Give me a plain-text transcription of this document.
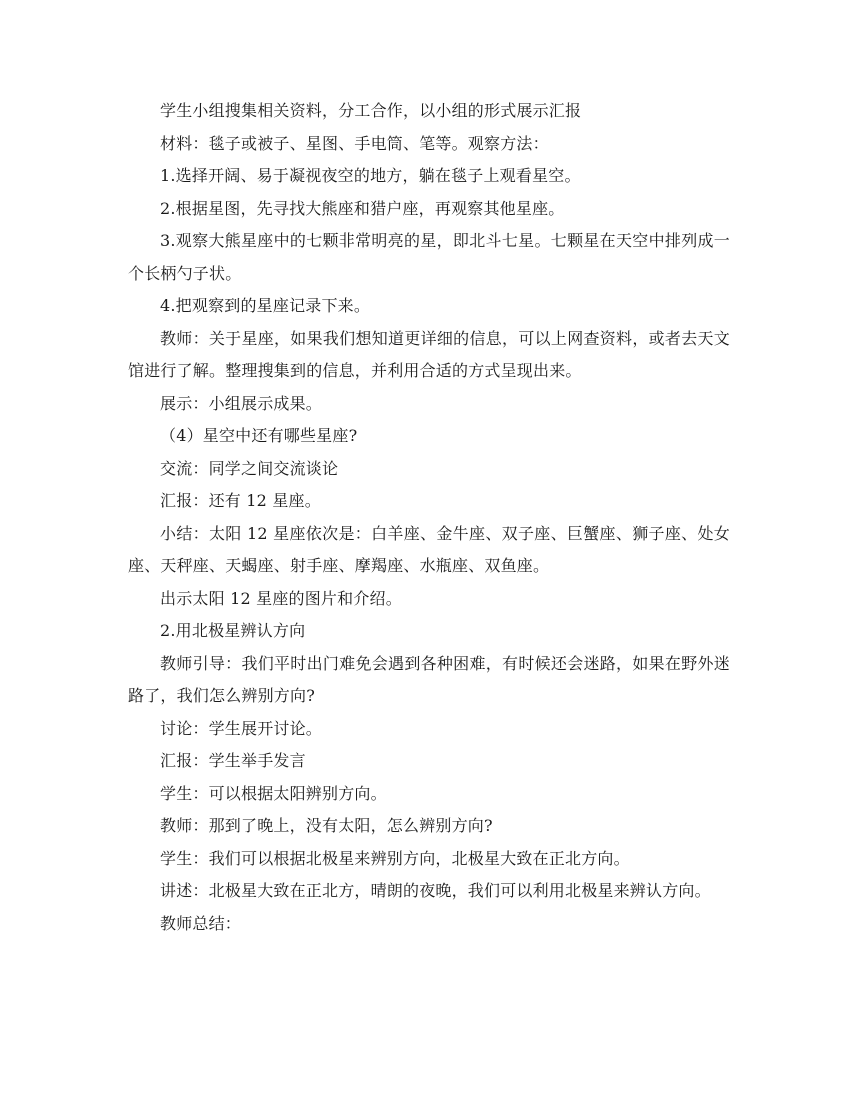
学生小组搜集相关资料，分工合作，以小组的形式展示汇报

材料：毯子或被子、星图、手电筒、笔等。观察方法：

1.选择开阔、易于凝视夜空的地方，躺在毯子上观看星空。

2.根据星图，先寻找大熊座和猎户座，再观察其他星座。

3.观察大熊星座中的七颗非常明亮的星，即北斗七星。七颗星在天空中排列成一个长柄勺子状。

4.把观察到的星座记录下来。

教师：关于星座，如果我们想知道更详细的信息，可以上网查资料，或者去天文馆进行了解。整理搜集到的信息，并利用合适的方式呈现出来。

展示：小组展示成果。

（4）星空中还有哪些星座?

交流：同学之间交流谈论

汇报：还有 12 星座。

小结：太阳 12 星座依次是：白羊座、金牛座、双子座、巨蟹座、狮子座、处女座、天秤座、天蝎座、射手座、摩羯座、水瓶座、双鱼座。

出示太阳 12 星座的图片和介绍。

2.用北极星辨认方向

教师引导：我们平时出门难免会遇到各种困难，有时候还会迷路，如果在野外迷路了，我们怎么辨别方向?

讨论：学生展开讨论。

汇报：学生举手发言

学生：可以根据太阳辨别方向。

教师：那到了晚上，没有太阳，怎么辨别方向?

学生：我们可以根据北极星来辨别方向，北极星大致在正北方向。

讲述：北极星大致在正北方，晴朗的夜晚，我们可以利用北极星来辨认方向。

教师总结：
